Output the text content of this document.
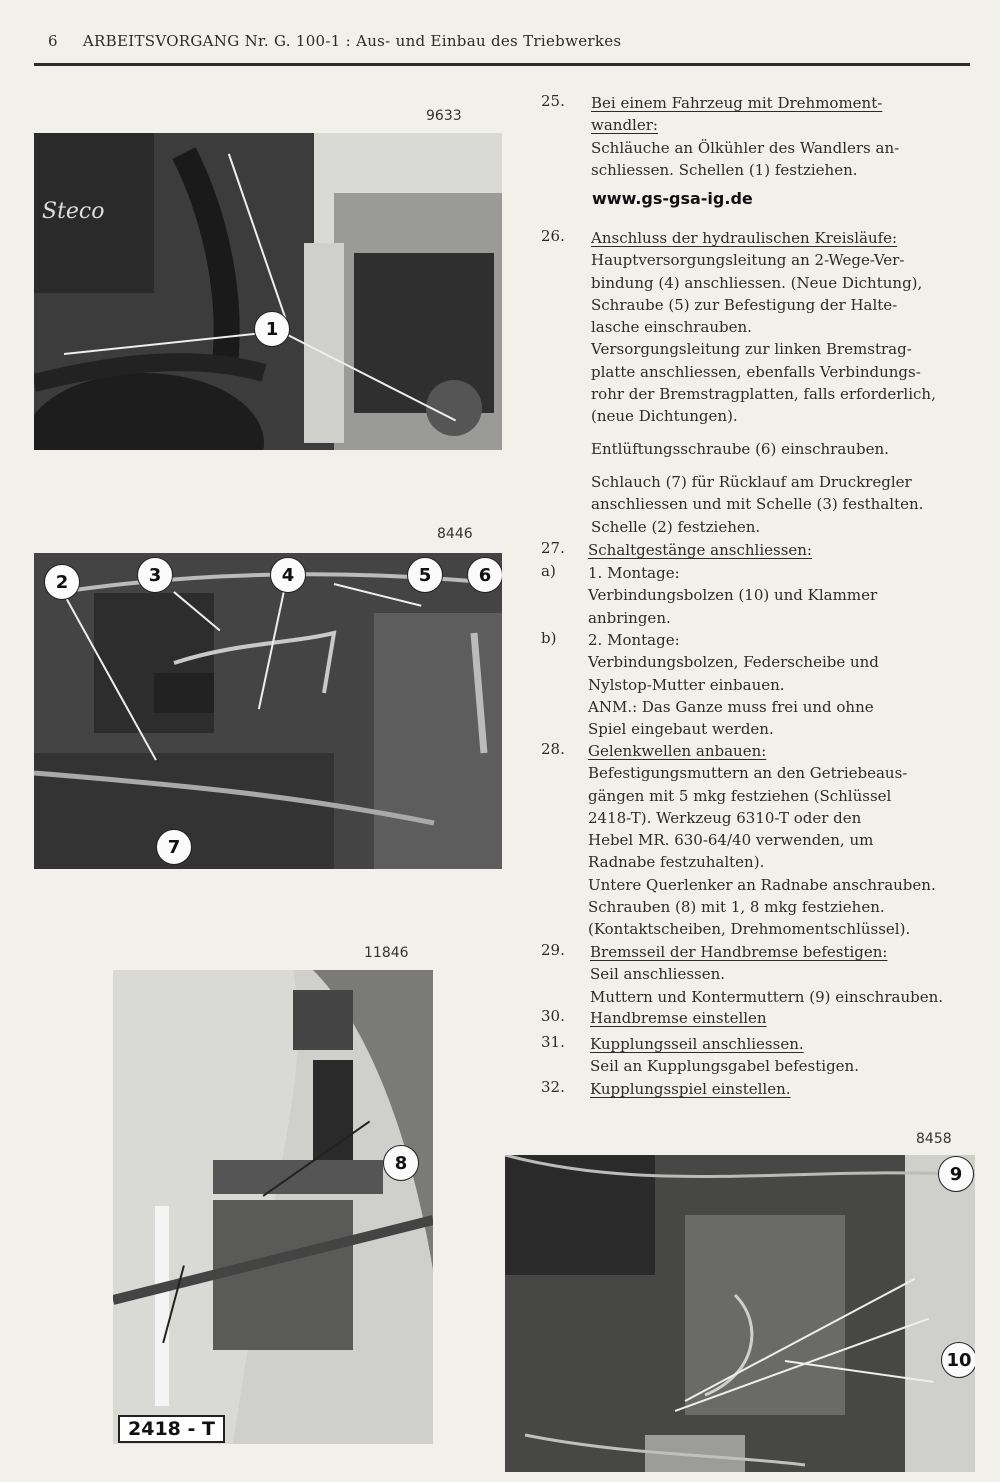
6 ARBEITSVORGANG Nr. G. 100-1 : Aus- und Einbau des Triebwerkes
9633
Steco
1
8446
2	3	4	5	6
7
11846
8
2418 - T
8458
9
10
25. Bei einem Fahrzeug mit Drehmoment-
wandler:
Schläuche an Ölkühler des Wandlers an-
schliessen. Schellen (1) festziehen.
www.gs-gsa-ig.de
26. Anschluss der hydraulischen Kreisläufe:
Hauptversorgungsleitung an 2-Wege-Ver-
bindung (4) anschliessen. (Neue Dichtung),
Schraube (5) zur Befestigung der Halte-
lasche einschrauben.
Versorgungsleitung zur linken Bremstrag-
platte anschliessen, ebenfalls Verbindungs-
rohr der Bremstragplatten, falls erforderlich,
(neue Dichtungen).
Entlüftungsschraube (6) einschrauben.
Schlauch (7) für Rücklauf am Druckregler
anschliessen und mit Schelle (3) festhalten.
Schelle (2) festziehen.
27. Schaltgestänge anschliessen:
a) 1. Montage:
Verbindungsbolzen (10) und Klammer
anbringen.
b) 2. Montage:
Verbindungsbolzen, Federscheibe und
Nylstop-Mutter einbauen.
ANM.: Das Ganze muss frei und ohne
Spiel eingebaut werden.
28. Gelenkwellen anbauen:
Befestigungsmuttern an den Getriebeaus-
gängen mit 5 mkg festziehen (Schlüssel
2418-T). Werkzeug 6310-T oder den
Hebel MR. 630-64/40 verwenden, um
Radnabe festzuhalten).
Untere Querlenker an Radnabe anschrauben.
Schrauben (8) mit 1, 8 mkg festziehen.
(Kontaktscheiben, Drehmomentschlüssel).
29. Bremsseil der Handbremse befestigen:
Seil anschliessen.
Muttern und Kontermuttern (9) einschrauben.
30. Handbremse einstellen
31. Kupplungsseil anschliessen.
Seil an Kupplungsgabel befestigen.
32. Kupplungsspiel einstellen.
